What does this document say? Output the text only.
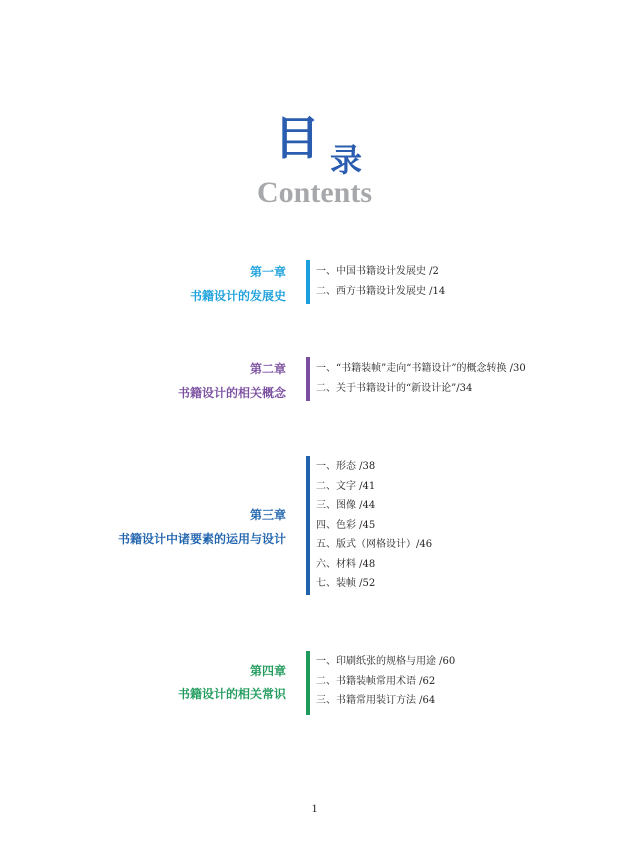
目 录
Contents
第一章
书籍设计的发展史
一、中国书籍设计发展史 /2
二、西方书籍设计发展史 /14
第二章
书籍设计的相关概念
一、“书籍装帧”走向“书籍设计”的概念转换 /30
二、关于书籍设计的“新设计论”/34
第三章
书籍设计中诸要素的运用与设计
一、形态 /38
二、文字 /41
三、图像 /44
四、色彩 /45
五、版式（网格设计）/46
六、材料 /48
七、装帧 /52
第四章
书籍设计的相关常识
一、印刷纸张的规格与用途 /60
二、书籍装帧常用术语 /62
三、书籍常用装订方法 /64
1
